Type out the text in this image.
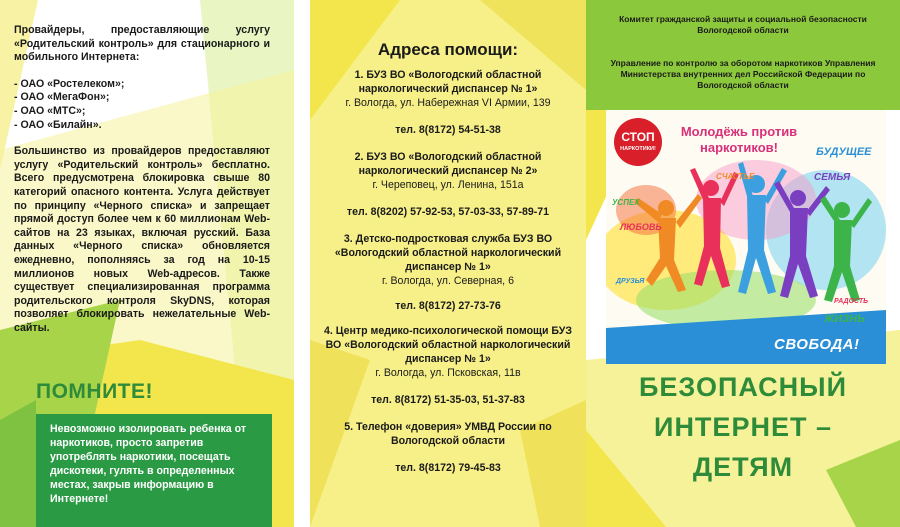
Провайдеры, предоставляющие услугу «Родительский контроль» для стационарного и мобильного Интернета:

- ОАО «Ростелеком»;
- ОАО «МегаФон»;
- ОАО «МТС»;
- ОАО «Билайн».

Большинство из провайдеров предоставляют услугу «Родительский контроль» бесплатно. Всего предусмотрена блокировка свыше 80 категорий опасного контента. Услуга действует по принципу «Черного списка» и запрещает прямой доступ более чем к 60 миллионам Web-сайтов на 23 языках, включая русский. База данных «Черного списка» обновляется ежедневно, пополняясь за год на 10-15 миллионов новых Web-адресов. Также существует специализированная программа родительского контроля SkyDNS, которая позволяет блокировать нежелательные Web-сайты.

ПОМНИТЕ!
Невозможно изолировать ребенка от наркотиков, просто запретив употреблять наркотики, посещать дискотеки, гулять в определенных местах, закрыв информацию в Интернете!
Адреса помощи:
1. БУЗ ВО «Вологодский областной наркологический диспансер № 1»
г. Вологда, ул. Набережная VI Армии, 139
тел. 8(8172) 54-51-38
2. БУЗ ВО «Вологодский областной наркологический диспансер № 2»
г. Череповец, ул. Ленина, 151а
тел. 8(8202) 57-92-53, 57-03-33, 57-89-71
3. Детско-подростковая служба БУЗ ВО «Вологодский областной наркологический диспансер № 1»
г. Вологда, ул. Северная, 6
тел. 8(8172) 27-73-76
4. Центр медико-психологической помощи БУЗ ВО «Вологодский областной наркологический диспансер № 1»
г. Вологда, ул. Псковская, 11в
тел. 8(8172) 51-35-03, 51-37-83
5. Телефон «доверия» УМВД России по Вологодской области
тел. 8(8172) 79-45-83
Комитет гражданской защиты и социальной безопасности Вологодской области
Управление по контролю за оборотом наркотиков Управления Министерства внутренних дел Российской Федерации по Вологодской области
СТОП
НАРКОТИКИ!
Молодёжь против наркотиков!	БУДУЩЕЕ
СЧАСТЬЕ	СЕМЬЯ
УСПЕХ
ЛЮБОВЬ
ДРУЗЬЯ
РАДОСТЬ
ЖИЗНЬ
СВОБОДА!
БЕЗОПАСНЫЙ
ИНТЕРНЕТ –
ДЕТЯМ
